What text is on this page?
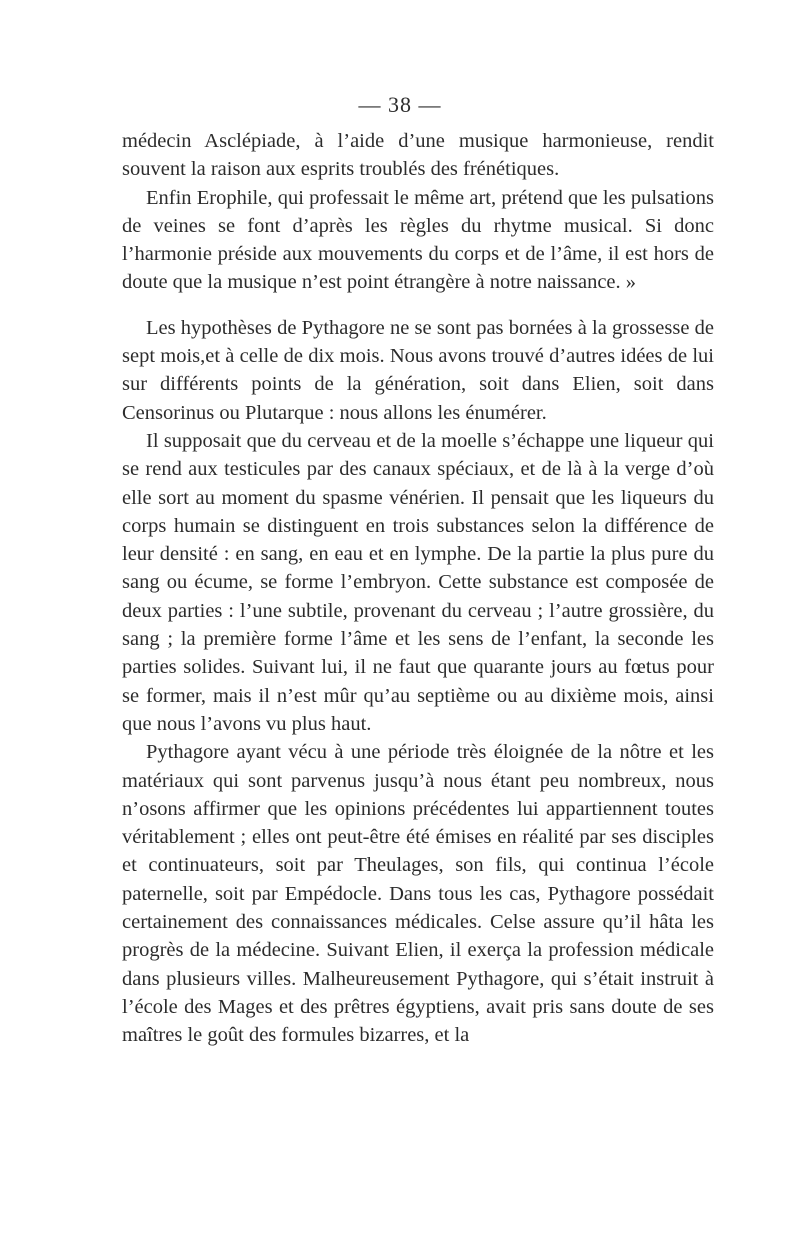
— 38 —

médecin Asclépiade, à l’aide d’une musique harmonieuse, rendit souvent la raison aux esprits troublés des frénétiques.

Enfin Erophile, qui professait le même art, prétend que les pulsations de veines se font d’après les règles du rhytme musical. Si donc l’harmonie préside aux mouvements du corps et de l’âme, il est hors de doute que la musique n’est point étrangère à notre naissance. »

Les hypothèses de Pythagore ne se sont pas bornées à la grossesse de sept mois,et à celle de dix mois. Nous avons trouvé d’autres idées de lui sur différents points de la génération, soit dans Elien, soit dans Censorinus ou Plutarque : nous allons les énumérer.

Il supposait que du cerveau et de la moelle s’échappe une liqueur qui se rend aux testicules par des canaux spéciaux, et de là à la verge d’où elle sort au moment du spasme vénérien. Il pensait que les liqueurs du corps humain se distinguent en trois substances selon la différence de leur densité : en sang, en eau et en lymphe. De la partie la plus pure du sang ou écume, se forme l’embryon. Cette substance est composée de deux parties : l’une subtile, provenant du cerveau ; l’autre grossière, du sang ; la première forme l’âme et les sens de l’enfant, la seconde les parties solides. Suivant lui, il ne faut que quarante jours au fœtus pour se former, mais il n’est mûr qu’au septième ou au dixième mois, ainsi que nous l’avons vu plus haut.

Pythagore ayant vécu à une période très éloignée de la nôtre et les matériaux qui sont parvenus jusqu’à nous étant peu nombreux, nous n’osons affirmer que les opinions précédentes lui appartiennent toutes véritablement ; elles ont peut-être été émises en réalité par ses disciples et continuateurs, soit par Theulages, son fils, qui continua l’école paternelle, soit par Empédocle. Dans tous les cas, Pythagore possédait certainement des connaissances médicales. Celse assure qu’il hâta les progrès de la médecine. Suivant Elien, il exerça la profession médicale dans plusieurs villes. Malheureusement Pythagore, qui s’était instruit à l’école des Mages et des prêtres égyptiens, avait pris sans doute de ses maîtres le goût des formules bizarres, et la
